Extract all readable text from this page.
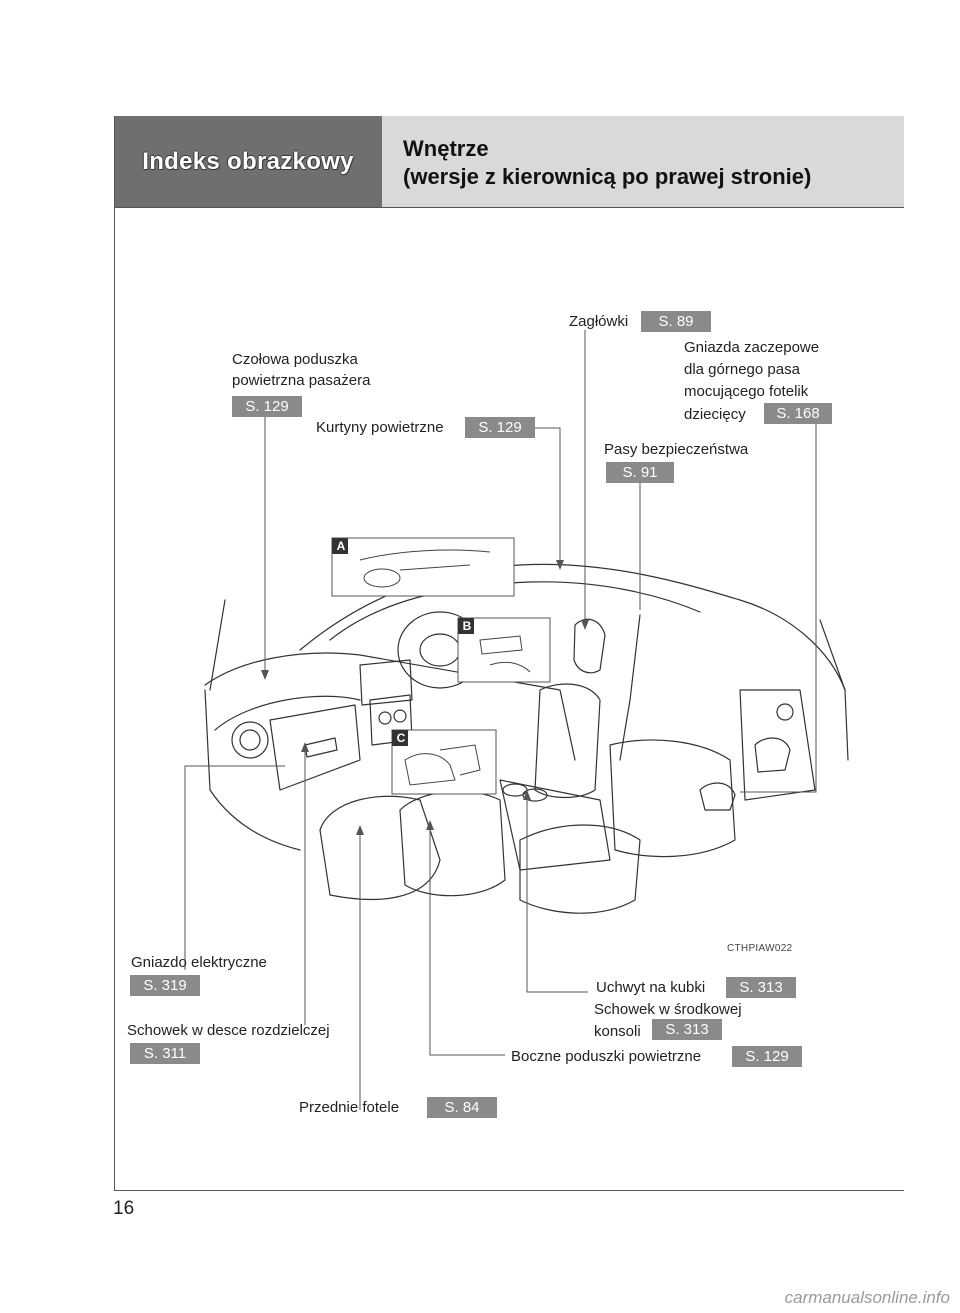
Indeks obrazkowy Wnętrze
(wersje z kierownicą po prawej stronie)
A
B
C
Zagłówki	S. 89
Czołowa poduszka
powietrzna pasażera
S. 129
Gniazda zaczepowe
dla górnego pasa
mocującego fotelik
dziecięcy	S. 168
Kurtyny powietrzne	S. 129
Pasy bezpieczeństwa
S. 91
Gniazdo elektryczne
S. 319	Uchwyt na kubki	S. 313
Schowek w środkowej
konsoli	S. 313
Schowek w desce rozdzielczej
S. 311	Boczne poduszki powietrzne	S. 129
Przednie fotele	S. 84
CTHPIAW022
16
carmanualsonline.info
